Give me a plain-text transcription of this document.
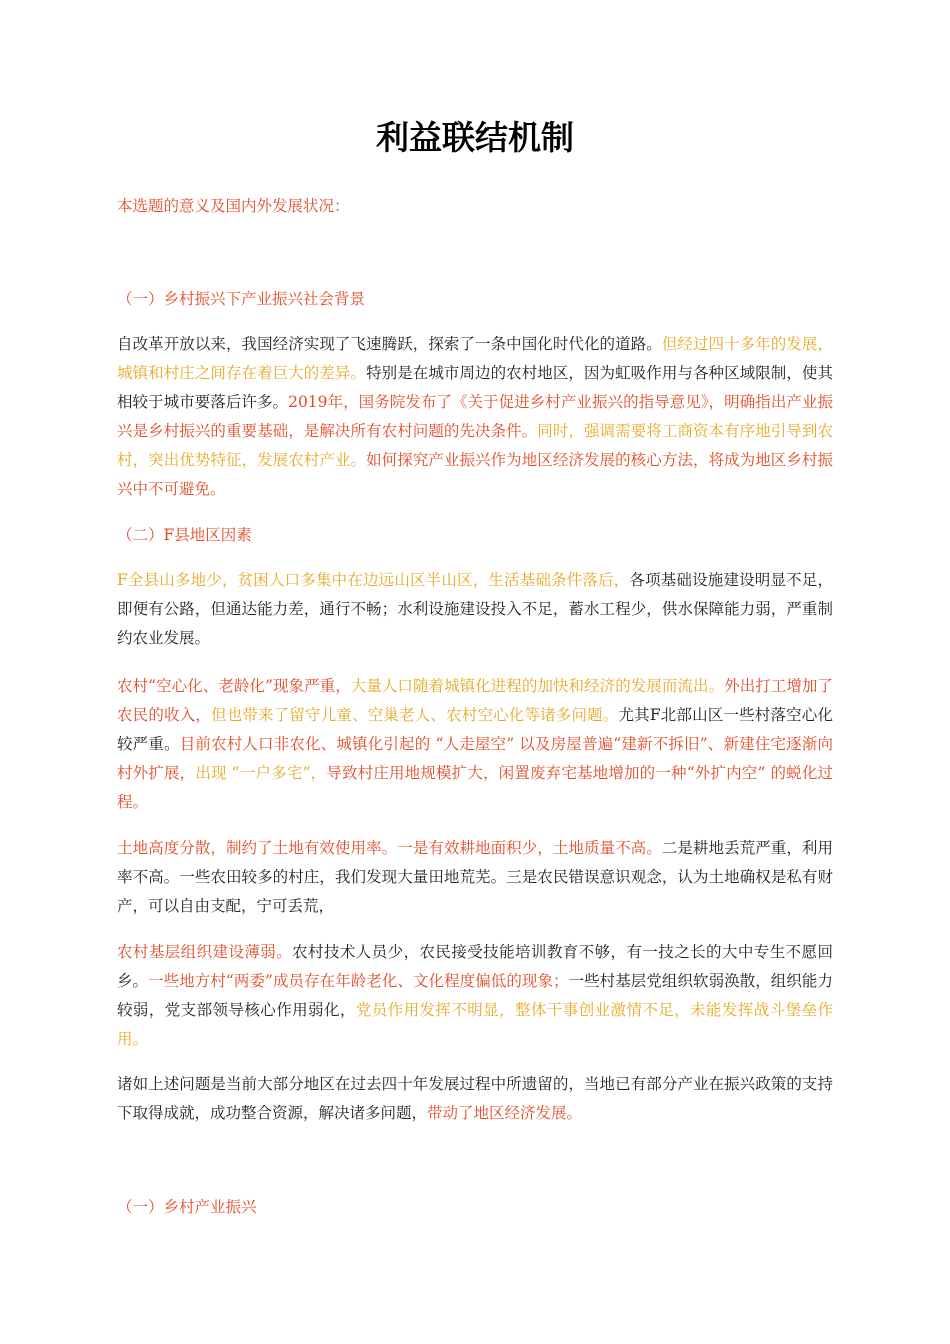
利益联结机制

本选题的意义及国内外发展状况：

（一）乡村振兴下产业振兴社会背景

自改革开放以来，我国经济实现了飞速腾跃，探索了一条中国化时代化的道路。但经过四十多年的发展，城镇和村庄之间存在着巨大的差异。特别是在城市周边的农村地区，因为虹吸作用与各种区域限制，使其相较于城市要落后许多。2019年，国务院发布了《关于促进乡村产业振兴的指导意见》，明确指出产业振兴是乡村振兴的重要基础，是解决所有农村问题的先决条件。同时，强调需要将工商资本有序地引导到农村，突出优势特征，发展农村产业。如何探究产业振兴作为地区经济发展的核心方法，将成为地区乡村振兴中不可避免。

（二）F县地区因素

F全县山多地少，贫困人口多集中在边远山区半山区，生活基础条件落后，各项基础设施建设明显不足，即便有公路，但通达能力差，通行不畅；水利设施建设投入不足，蓄水工程少，供水保障能力弱，严重制约农业发展。

农村“空心化、老龄化”现象严重，大量人口随着城镇化进程的加快和经济的发展而流出。外出打工增加了农民的收入，但也带来了留守儿童、空巢老人、农村空心化等诸多问题。尤其F北部山区一些村落空心化较严重。目前农村人口非农化、城镇化引起的 “人走屋空” 以及房屋普遍“建新不拆旧”、新建住宅逐渐向村外扩展，出现 “一户多宅”，导致村庄用地规模扩大，闲置废弃宅基地增加的一种“外扩内空” 的蜕化过程。

土地高度分散，制约了土地有效使用率。一是有效耕地面积少，土地质量不高。二是耕地丢荒严重，利用率不高。一些农田较多的村庄，我们发现大量田地荒芜。三是农民错误意识观念，认为土地确权是私有财产，可以自由支配，宁可丢荒，

农村基层组织建设薄弱。农村技术人员少，农民接受技能培训教育不够，有一技之长的大中专生不愿回乡。一些地方村“两委”成员存在年龄老化、文化程度偏低的现象；一些村基层党组织软弱涣散，组织能力较弱，党支部领导核心作用弱化，党员作用发挥不明显，整体干事创业激情不足，未能发挥战斗堡垒作用。

诸如上述问题是当前大部分地区在过去四十年发展过程中所遗留的，当地已有部分产业在振兴政策的支持下取得成就，成功整合资源，解决诸多问题，带动了地区经济发展。

（一）乡村产业振兴
